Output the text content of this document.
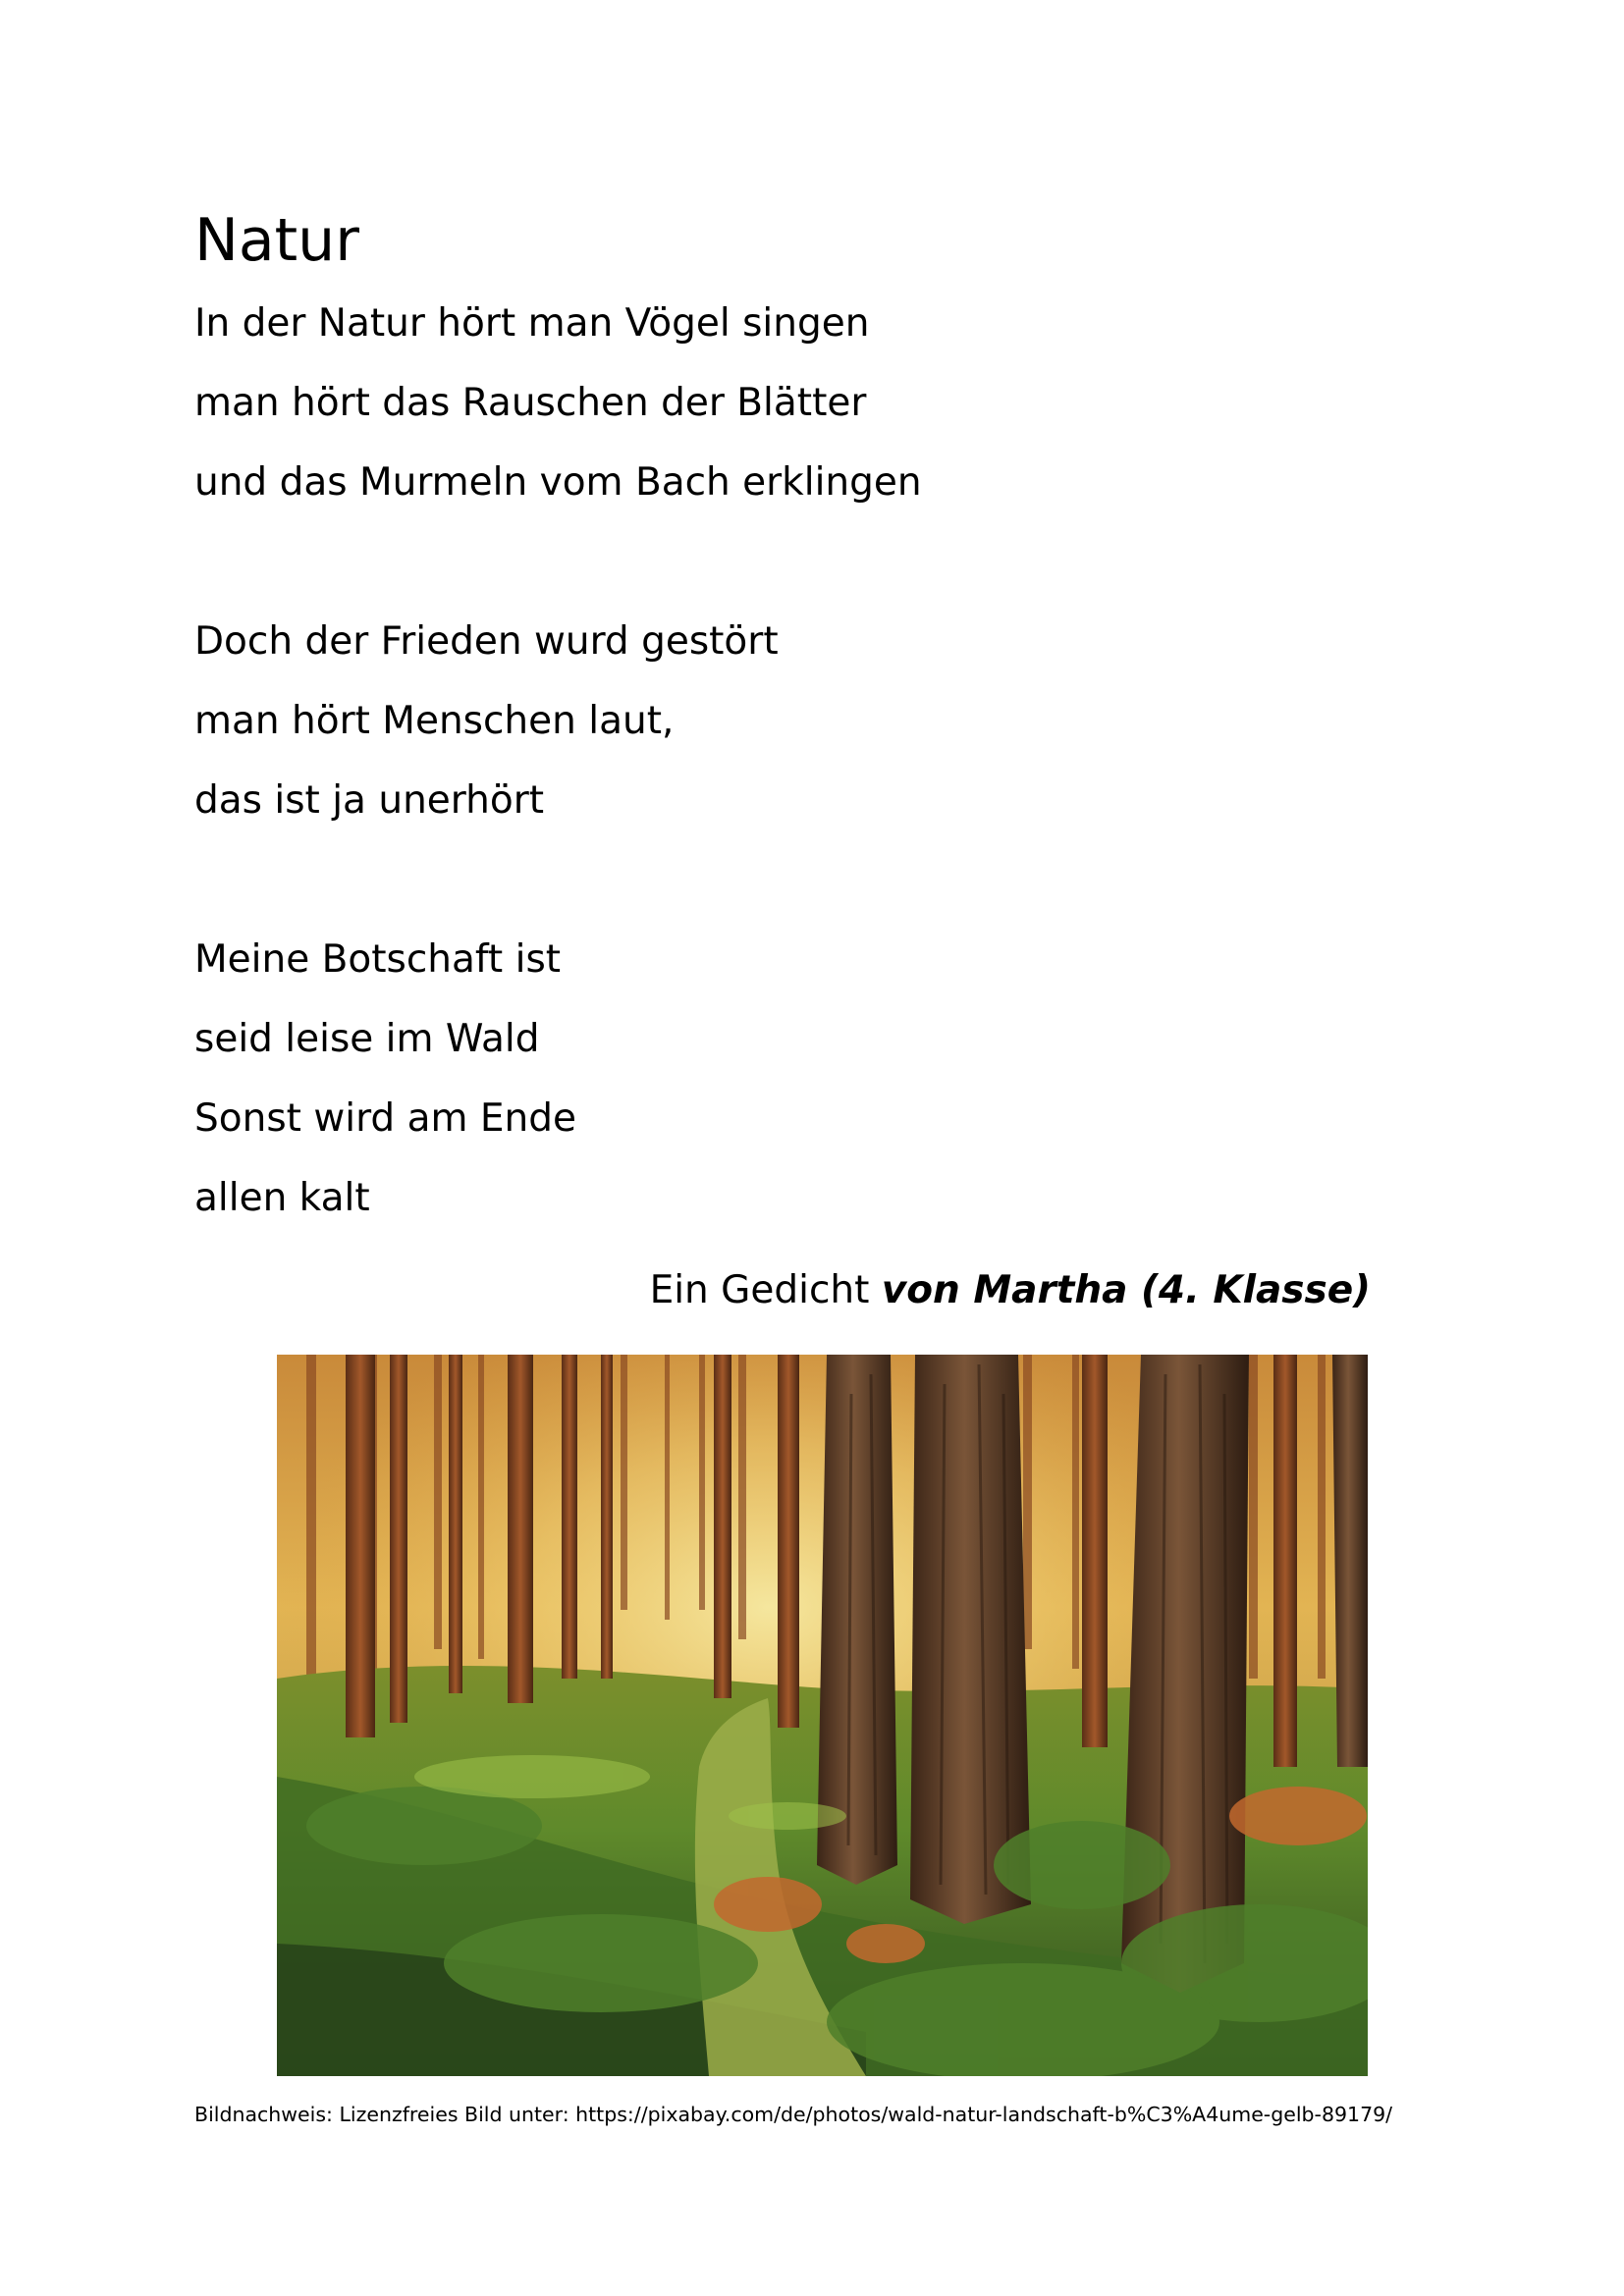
Natur
In der Natur hört man Vögel singen
man hört das Rauschen der Blätter
und das Murmeln vom Bach erklingen
Doch der Frieden wurd gestört
man hört Menschen laut,
das ist ja unerhört
Meine Botschaft ist
seid leise im Wald
Sonst wird am Ende
allen kalt
Ein Gedicht von Martha (4. Klasse)
Bildnachweis: Lizenzfreies Bild unter: https://pixabay.com/de/photos/wald-natur-landschaft-b%C3%A4ume-gelb-89179/
